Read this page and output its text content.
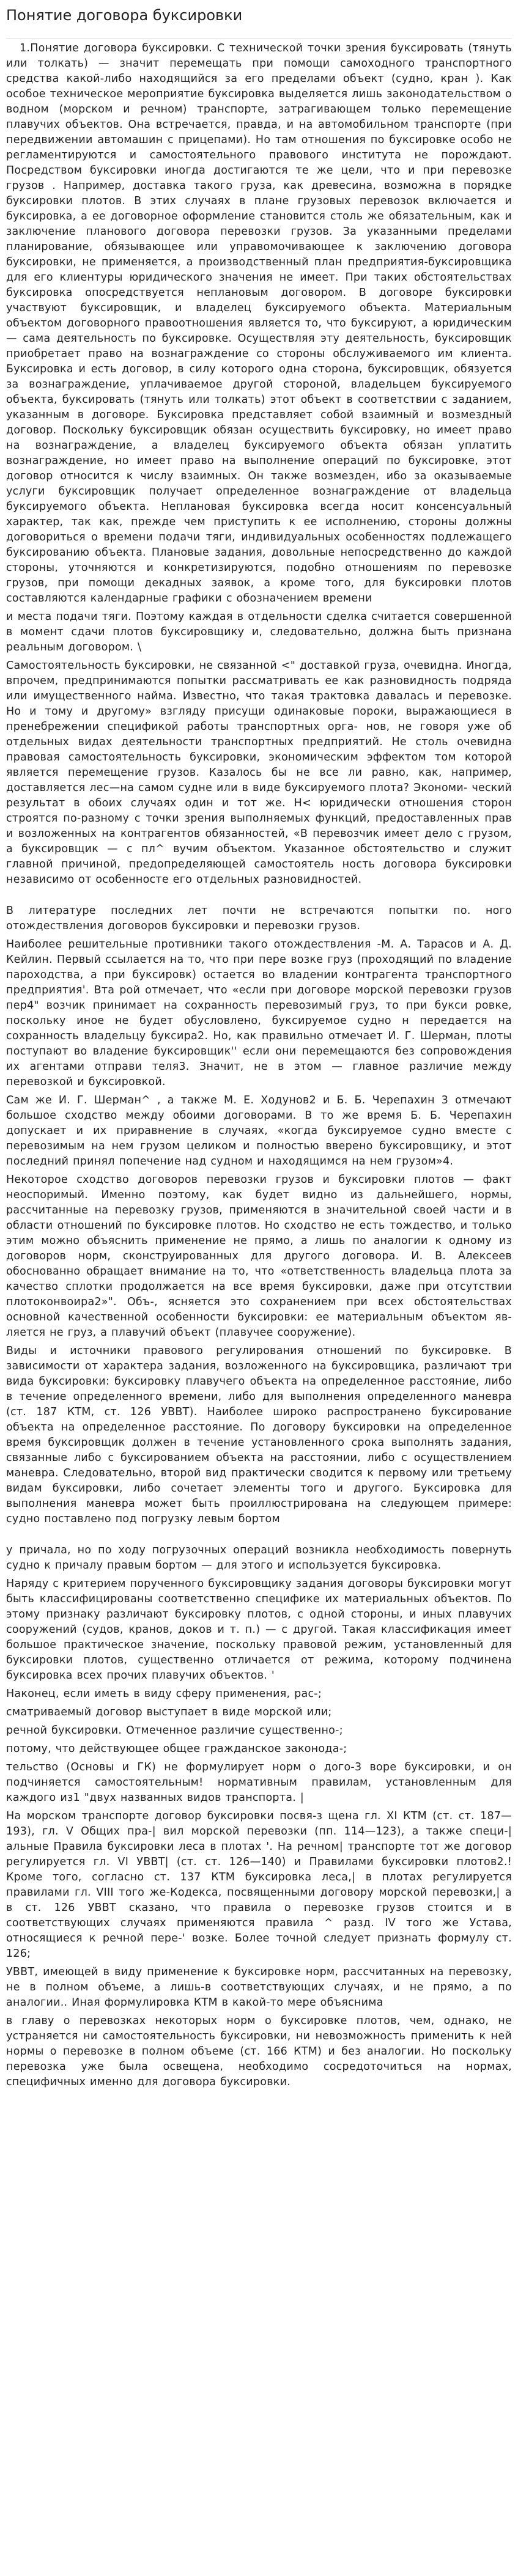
Понятие договора буксировки

1.Понятие договора буксировки. С технической точки зрения буксировать (тянуть или толкать) — значит перемещать при помощи самоходного транспортного средства какой-либо находящийся за его пределами объект (судно, кран ). Как особое техническое мероприятие буксировка выделяется лишь законодательством о водном (морском и речном) транспорте, затрагивающем только перемещение плавучих объектов. Она встречается, правда, и на автомобильном транспорте (при передвижении автомашин с прицепами). Но там отношения по буксировке особо не регламентируются и самостоятельного правового института не порождают. Посредством буксировки иногда достигаются те же цели, что и при перевозке грузов . Например, доставка такого груза, как древесина, возможна в порядке буксировки плотов. В этих случаях в плане грузовых перевозок включается и буксировка, а ее договорное оформление становится столь же обязательным, как и заключение планового договора перевозки грузов. За указанными пределами планирование, обязывающее или управомочивающее к заключению договора буксировки, не применяется, а производственный план предприятия-буксировщика для его клиентуры юридического значения не имеет. При таких обстоятельствах буксировка опосредствуется неплановым договором. В договоре буксировки участвуют буксировщик, и владелец буксируемого объекта. Материальным объектом договорного правоотношения является то, что буксируют, а юридическим — сама деятельность по буксировке. Осуществляя эту деятельность, буксировщик приобретает право на вознаграждение со стороны обслуживаемого им клиента. Буксировка и есть договор, в силу которого одна сторона, буксировщик, обязуется за вознаграждение, уплачиваемое другой стороной, владельцем буксируемого объекта, буксировать (тянуть или толкать) этот объект в соответствии с заданием, указанным в договоре. Буксировка представляет собой взаимный и возмездный договор. Поскольку буксировщик обязан осуществить буксировку, но имеет право на вознаграждение, а владелец буксируемого объекта обязан уплатить вознаграждение, но имеет право на выполнение операций по буксировке, этот договор относится к числу взаимных. Он также возмезден, ибо за оказываемые услуги буксировщик получает определенное вознаграждение от владельца буксируемого объекта. Неплановая буксировка всегда носит консенсуальный характер, так как, прежде чем приступить к ее исполнению, стороны должны договориться о времени подачи тяги, индивидуальных особенностях подлежащего буксированию объекта. Плановые задания, довольные непосредственно до каждой стороны, уточняются и конкретизируются, подобно отношениям по перевозке грузов, при помощи декадных заявок, а кроме того, для буксировки плотов составляются календарные графики с обозначением времени

и места подачи тяги. Поэтому каждая в отдельности сделка считается совершенной в момент сдачи плотов буксировщику и, следовательно, должна быть признана реальным договором. \

Самостоятельность буксировки, не связанной <" доставкой груза, очевидна. Иногда, впрочем, предпринимаются попытки рассматривать ее как разновидность подряда или имущественного найма. Известно, что такая трактовка давалась и перевозке. Но и тому и другому» взгляду присущи одинаковые пороки, выражающиеся в пренебрежении спецификой работы транспортных орга- нов, не говоря уже об отдельных видах деятельности транспортных предприятий. Не столь очевидна правовая самостоятельность буксировки, экономическим эффектом том которой является перемещение грузов. Казалось бы не все ли равно, как, например, доставляется лес—на самом судне или в виде буксируемого плота? Экономи- ческий результат в обоих случаях один и тот же. Н< юридически отношения сторон строятся по-разному с точки зрения выполняемых функций, предоставленных прав и возложенных на контрагентов обязанностей, «В перевозчик имеет дело с грузом, а буксировщик — с пл^ вучим объектом. Указанное обстоятельство и служит главной причиной, предопределяющей самостоятель ность договора буксировки независимо от особенносте его отдельных разновидностей.

В литературе последних лет почти не встречаются попытки по. ного отождествления договоров буксировки и перевозки грузов.

Наиболее решительные противники такого отождествления -М. А. Тарасов и А. Д. Кейлин. Первый ссылается на то, что при пере возке груз (проходящий по владение пароходства, а при буксировк) остается во владении контрагента транспортного предприятия'. Вта рой отмечает, что «если при договоре морской перевозки грузов пер4" возчик принимает на сохранность перевозимый груз, то при букси ровке, поскольку иное не будет обусловлено, буксируемое судно н передается на сохранность владельцу буксира2. Но, как правильно отмечает И. Г. Шерман, плоты поступают во владение буксировщик'' если они перемещаются без сопровождения их агентами отправи теля3. Значит, не в этом — главное различие между перевозкой и буксировкой.

Сам же И. Г. Шерман^ , а также М. Е. Ходунов2 и Б. Б. Черепахин 3 отмечают большое сходство между обоими договорами. В то же время Б. Б. Черепахин допускает и их приравнение в случаях, «когда буксируемое судно вместе с перевозимым на нем грузом целиком и полностью вверено буксировщику, и этот последний принял попечение над судном и находящимся на нем грузом»4.

Некоторое сходство договоров перевозки грузов и буксировки плотов — факт неоспоримый. Именно поэтому, как будет видно из дальнейшего, нормы, рассчитанные на перевозку грузов, применяются в значительной своей части и в области отношений по буксировке плотов. Но сходство не есть тождество, и только этим можно объяснить применение не прямо, а лишь по аналогии к одному из договоров норм, сконструированных для другого договора. И. В. Алексеев обоснованно обращает внимание на то, что «ответственность владельца плота за качество сплотки продолжается на все время буксировки, даже при отсутствии плотоконвоира2»". Объ-, ясняется это сохранением при всех обстоятельствах основной качественной особенности буксировки: ее материальным объектом яв-ляется не груз, а плавучий объект (плавучее сооружение).

Виды и источники правового регулирования отношений по буксировке. В зависимости от характера задания, возложенного на буксировщика, различают три вида буксировки: буксировку плавучего объекта на определенное расстояние, либо в течение определенного времени, либо для выполнения определенного маневра (ст. 187 КТМ, ст. 126 УВВТ). Наиболее широко распространено буксирование объекта на определенное расстояние. По договору буксировки на определенное время буксировщик должен в течение установленного срока выполнять задания, связанные либо с буксированием объекта на расстоянии, либо с осуществлением маневра. Следовательно, второй вид практически сводится к первому или третьему видам буксировки, либо сочетает элементы того и другого. Буксировка для выполнения маневра может быть проиллюстрирована на следующем примере: судно поставлено под погрузку левым бортом

у причала, но по ходу погрузочных операций возникла необходимость повернуть судно к причалу правым бортом — для этого и используется буксировка.

Наряду с критерием порученного буксировщику задания договоры буксировки могут быть классифицированы соответственно специфике их материальных объектов. По этому признаку различают буксировку плотов, с одной стороны, и иных плавучих сооружений (судов, кранов, доков и т. п.) — с другой. Такая классификация имеет большое практическое значение, поскольку правовой режим, установленный для буксировки плотов, существенно отличается от режима, которому подчинена буксировка всех прочих плавучих объектов. '

Наконец, если иметь в виду сферу применения, рас-;

сматриваемый договор выступает в виде морской или;

речной буксировки. Отмеченное различие существенно-;

потому, что действующее общее гражданское законода-;

тельство (Основы и ГК) не формулирует норм о дого-3 воре буксировки, и он подчиняется самостоятельным! нормативным правилам, установленным для каждого из1 "двух названных видов транспорта. |

На морском транспорте договор буксировки посвя-з щена гл. XI КТМ (ст. ст. 187—193), гл. V Общих пра-| вил морской перевозки (пп. 114—123), а также специ-| альные Правила буксировки леса в плотах '. На речном| транспорте тот же договор регулируется гл. VI УВВТ| (ст. ст. 126—140) и Правилами буксировки плотов2.! Кроме того, согласно ст. 137 КТМ буксировка леса,| в плотах регулируется правилами гл. VIII того же-Кодекса, посвященными договору морской перевозки,| а в ст. 126 УВВТ сказано, что правила о перевозке грузов стоится и в соответствующих случаях применяются правила ^ разд. IV того же Устава, относящиеся к речной пере-' возке. Более точной следует признать формулу ст. 126;

УВВТ, имеющей в виду применение к буксировке норм, рассчитанных на перевозку, не в полном объеме, а лишь-в соответствующих случаях, и не прямо, а по аналогии.. Иная формулировка КТМ в какой-то мере объяснима

в главу о перевозках некоторых норм о буксировке плотов, чем, однако, не устраняется ни самостоятельность буксировки, ни невозможность применить к ней нормы о перевозке в полном объеме (ст. 166 КТМ) и без аналогии. Но поскольку перевозка уже была освещена, необходимо сосредоточиться на нормах, специфичных именно для договора буксировки.
